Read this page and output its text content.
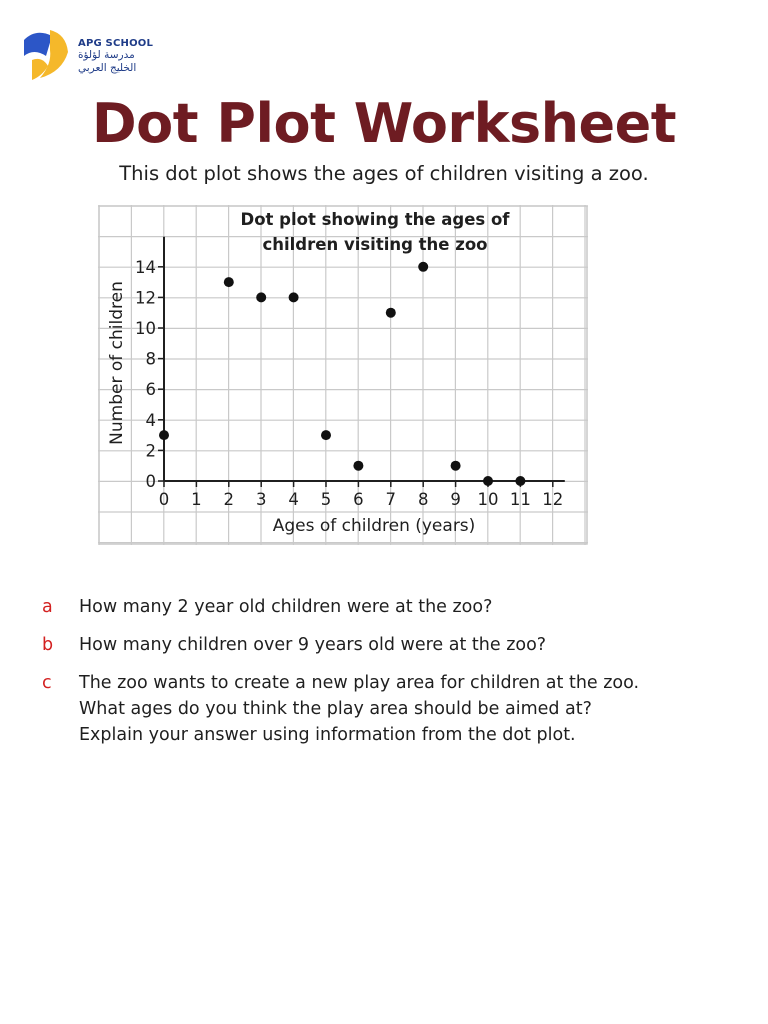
APG SCHOOL
مدرسة لؤلؤة
الخليج العربي
Dot Plot Worksheet
This dot plot shows the ages of children visiting a zoo.
0 1 2 3 4 5 6 7 8 9 10 11 12
0
2
4
6
8
10
12
14
Dot plot showing the ages of
children visiting the zoo
Ages of children (years)
Number of children
a How many 2 year old children were at the zoo?
b How many children over 9 years old were at the zoo?
c The zoo wants to create a new play area for children at the zoo.
What ages do you think the play area should be aimed at?
Explain your answer using information from the dot plot.
